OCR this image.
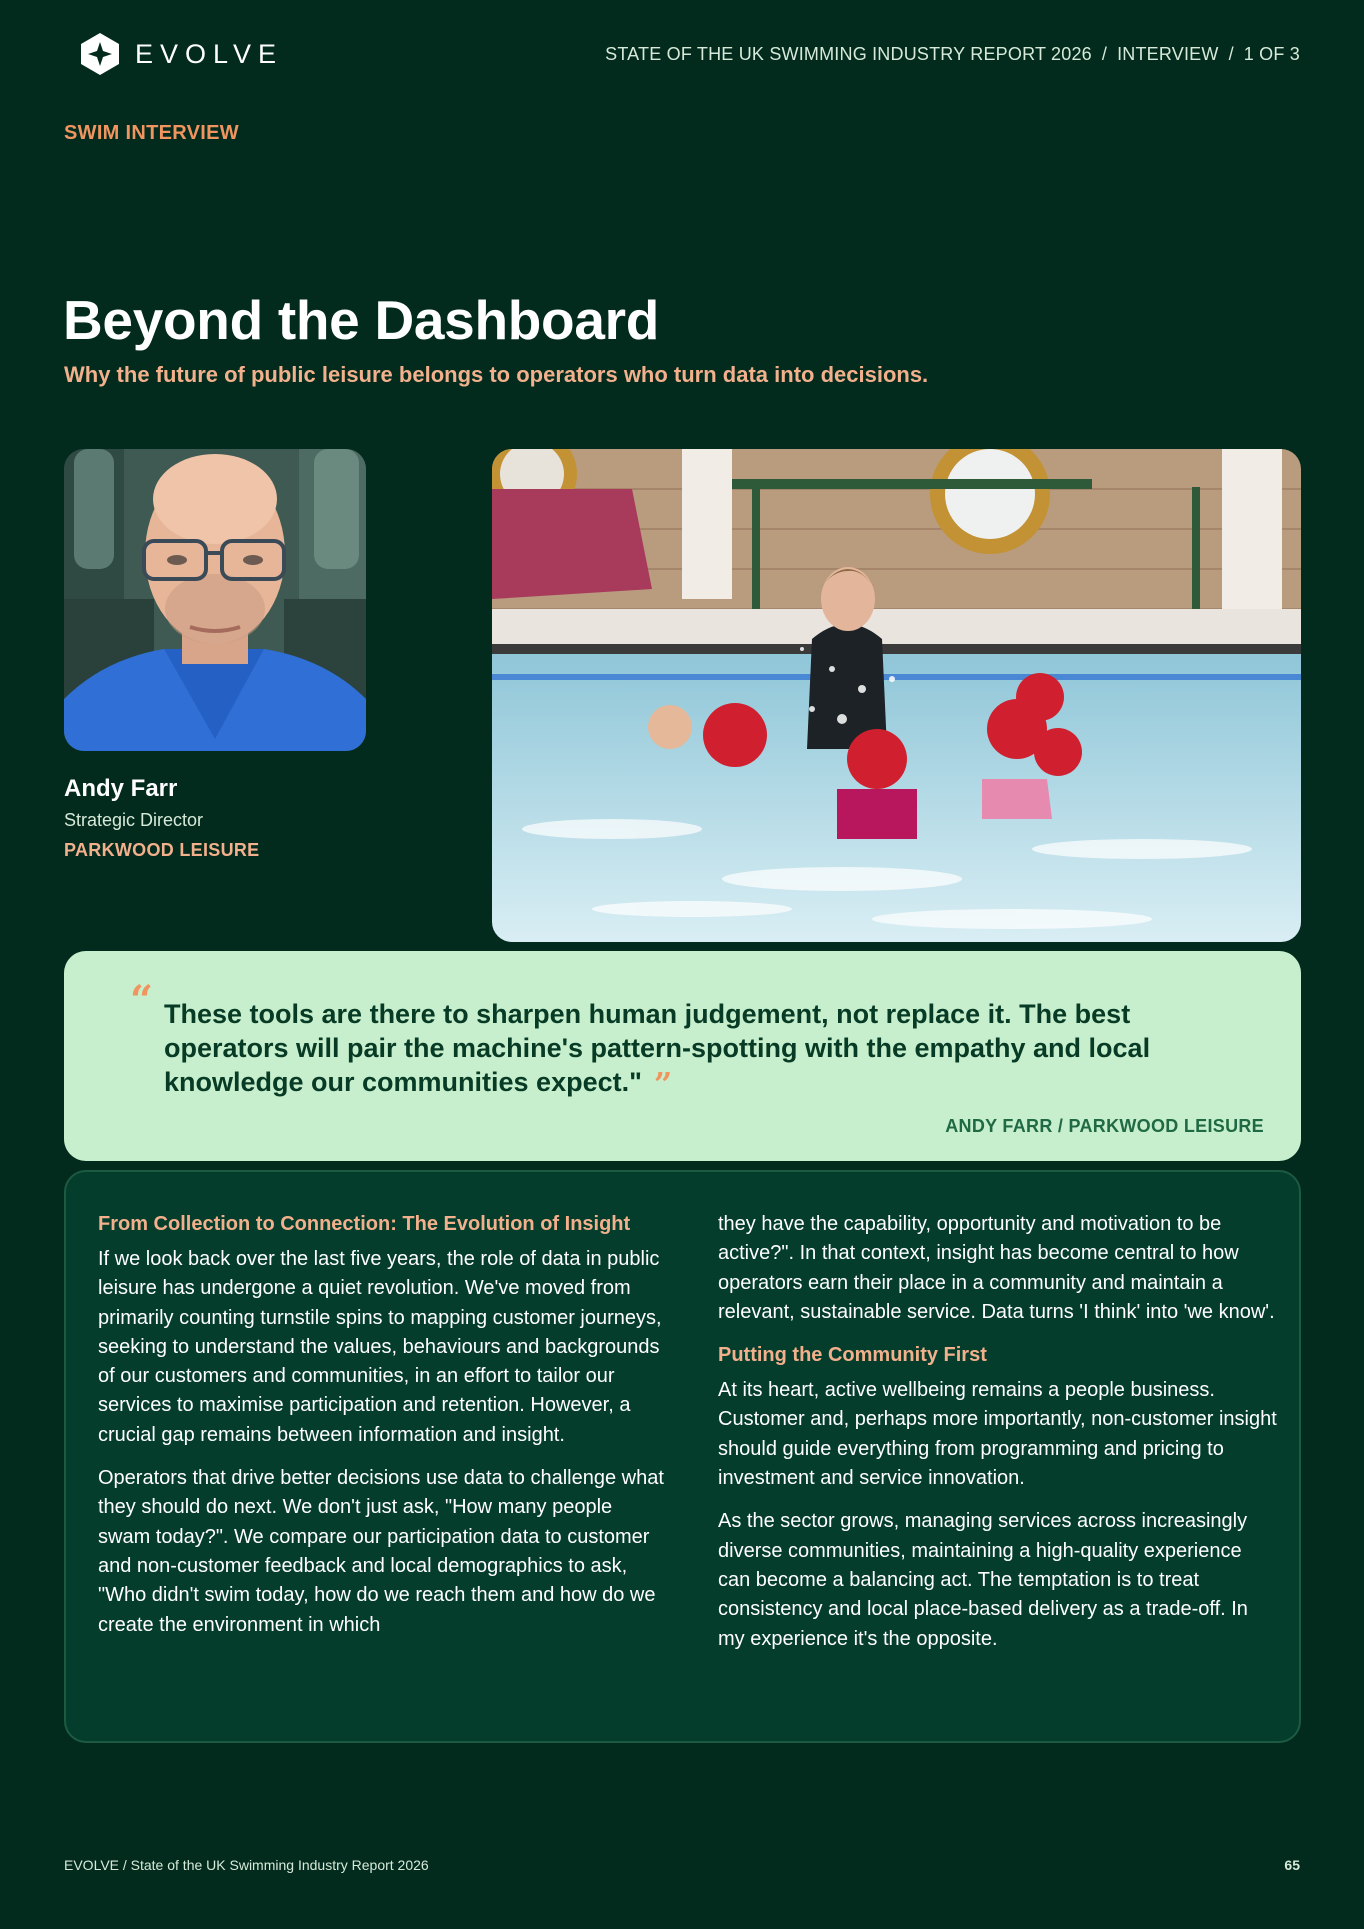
EVOLVE	STATE OF THE UK SWIMMING INDUSTRY REPORT 2026 / INTERVIEW / 1 OF 3
SWIM INTERVIEW
Beyond the Dashboard
Why the future of public leisure belongs to operators who turn data into decisions.
Andy Farr
Strategic Director
PARKWOOD LEISURE
“ These tools are there to sharpen human judgement, not replace it. The best operators will pair the machine's pattern-spotting with the empathy and local knowledge our communities expect." ”
ANDY FARR / PARKWOOD LEISURE
From Collection to Connection: The Evolution of Insight

If we look back over the last five years, the role of data in public leisure has undergone a quiet revolution. We've moved from primarily counting turnstile spins to mapping customer journeys, seeking to understand the values, behaviours and backgrounds of our customers and communities, in an effort to tailor our services to maximise participation and retention. However, a crucial gap remains between information and insight.

Operators that drive better decisions use data to challenge what they should do next. We don't just ask, "How many people swam today?". We compare our participation data to customer and non-customer feedback and local demographics to ask, "Who didn't swim today, how do we reach them and how do we create the environment in which

they have the capability, opportunity and motivation to be active?". In that context, insight has become central to how operators earn their place in a community and maintain a relevant, sustainable service. Data turns 'I think' into 'we know'.

Putting the Community First

At its heart, active wellbeing remains a people business. Customer and, perhaps more importantly, non-customer insight should guide everything from programming and pricing to investment and service innovation.

As the sector grows, managing services across increasingly diverse communities, maintaining a high-quality experience can become a balancing act. The temptation is to treat consistency and local place-based delivery as a trade-off. In my experience it's the opposite.

EVOLVE / State of the UK Swimming Industry Report 2026	65
